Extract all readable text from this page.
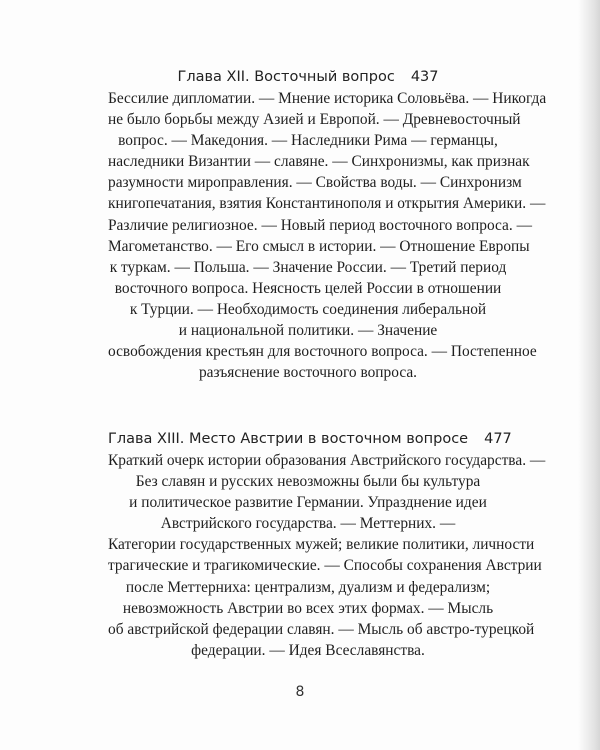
Глава XII. Восточный вопрос 437
Бессилие дипломатии. — Мнение историка Соловьёва. — Никогда
не было борьбы между Азией и Европой. — Древневосточный
вопрос. — Македония. — Наследники Рима — германцы,
наследники Византии — славяне. — Синхронизмы, как признак
разумности мироправления. — Свойства воды. — Синхронизм
книгопечатания, взятия Константинополя и открытия Америки. —
Различие религиозное. — Новый период восточного вопроса. —
Магометанство. — Его смысл в истории. — Отношение Европы
к туркам. — Польша. — Значение России. — Третий период
восточного вопроса. Неясность целей России в отношении
к Турции. — Необходимость соединения либеральной
и национальной политики. — Значение
освобождения крестьян для восточного вопроса. — Постепенное
разъяснение восточного вопроса.
Глава XIII. Место Австрии в восточном вопросе 477
Краткий очерк истории образования Австрийского государства. —
Без славян и русских невозможны были бы культура
и политическое развитие Германии. Упразднение идеи
Австрийского государства. — Меттерних. —
Категории государственных мужей; великие политики, личности
трагические и трагикомические. — Способы сохранения Австрии
после Меттерниха: централизм, дуализм и федерализм;
невозможность Австрии во всех этих формах. — Мысль
об австрийской федерации славян. — Мысль об австро-турецкой
федерации. — Идея Всеславянства.
8
